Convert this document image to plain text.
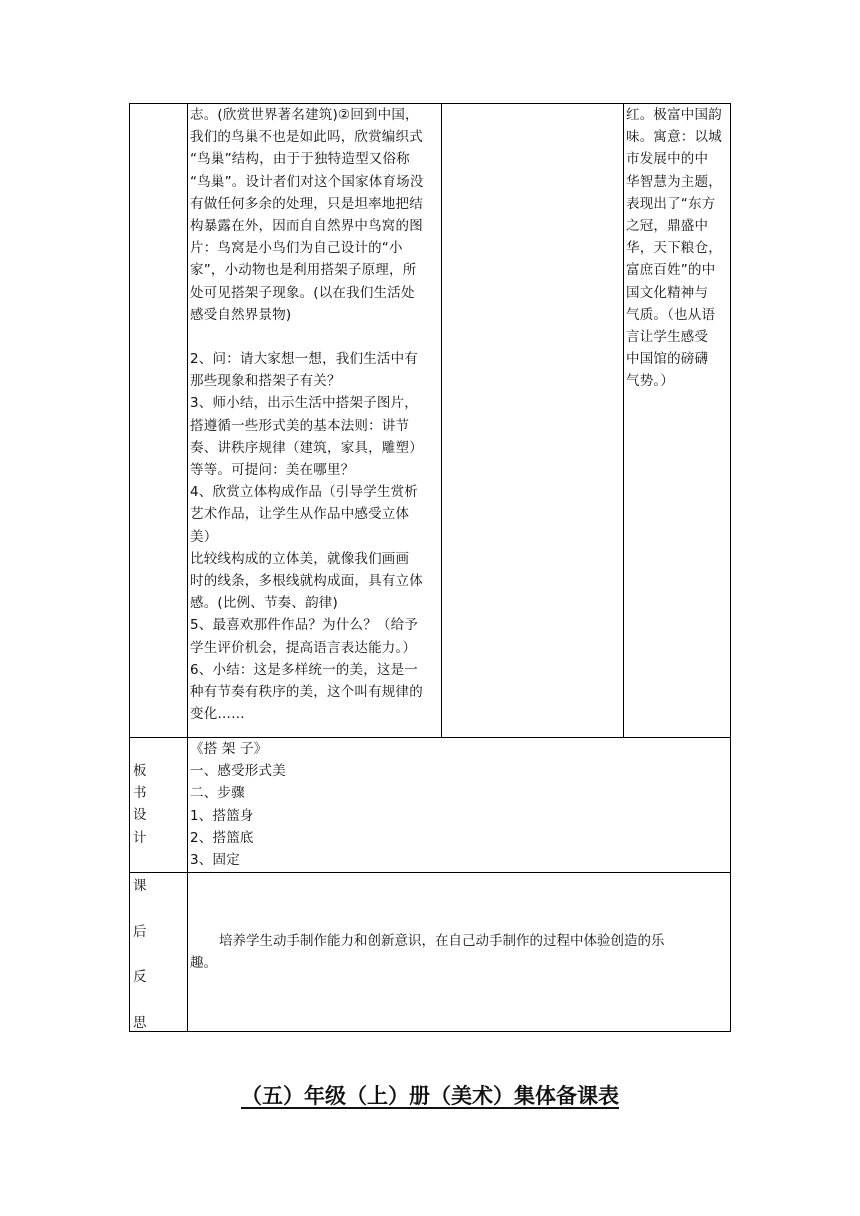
志。(欣赏世界著名建筑)②回到中国，
我们的鸟巢不也是如此吗，欣赏编织式
“鸟巢”结构，由于于独特造型又俗称
“鸟巢”。设计者们对这个国家体育场没
有做任何多余的处理，只是坦率地把结
构暴露在外，因而自自然界中鸟窝的图
片：鸟窝是小鸟们为自己设计的“小
家”，小动物也是利用搭架子原理，所
处可见搭架子现象。(以在我们生活处
感受自然界景物)
2、问：请大家想一想，我们生活中有
那些现象和搭架子有关？
3、师小结，出示生活中搭架子图片，
搭遵循一些形式美的基本法则：讲节
奏、讲秩序规律（建筑，家具，雕塑）
等等。可提问：美在哪里？
4、欣赏立体构成作品（引导学生赏析
艺术作品，让学生从作品中感受立体
美）
比较线构成的立体美，就像我们画画
时的线条，多根线就构成面，具有立体
感。(比例、节奏、韵律)
5、最喜欢那件作品？为什么？（给予
学生评价机会，提高语言表达能力。）
6、小结：这是多样统一的美，这是一
种有节奏有秩序的美，这个叫有规律的
变化……
红。极富中国韵
味。寓意：以城
市发展中的中
华智慧为主题，
表现出了“东方
之冠，鼎盛中
华，天下粮仓，
富庶百姓”的中
国文化精神与
气质。（也从语
言让学生感受
中国馆的磅礴
气势。）
板
书
设
计
《搭 架 子》
一、感受形式美
二、步骤
1、搭篮身
2、搭篮底
3、固定
课
后
反
思
培养学生动手制作能力和创新意识，在自己动手制作的过程中体验创造的乐
趣。
（五）年级（上）册（美术）集体备课表
